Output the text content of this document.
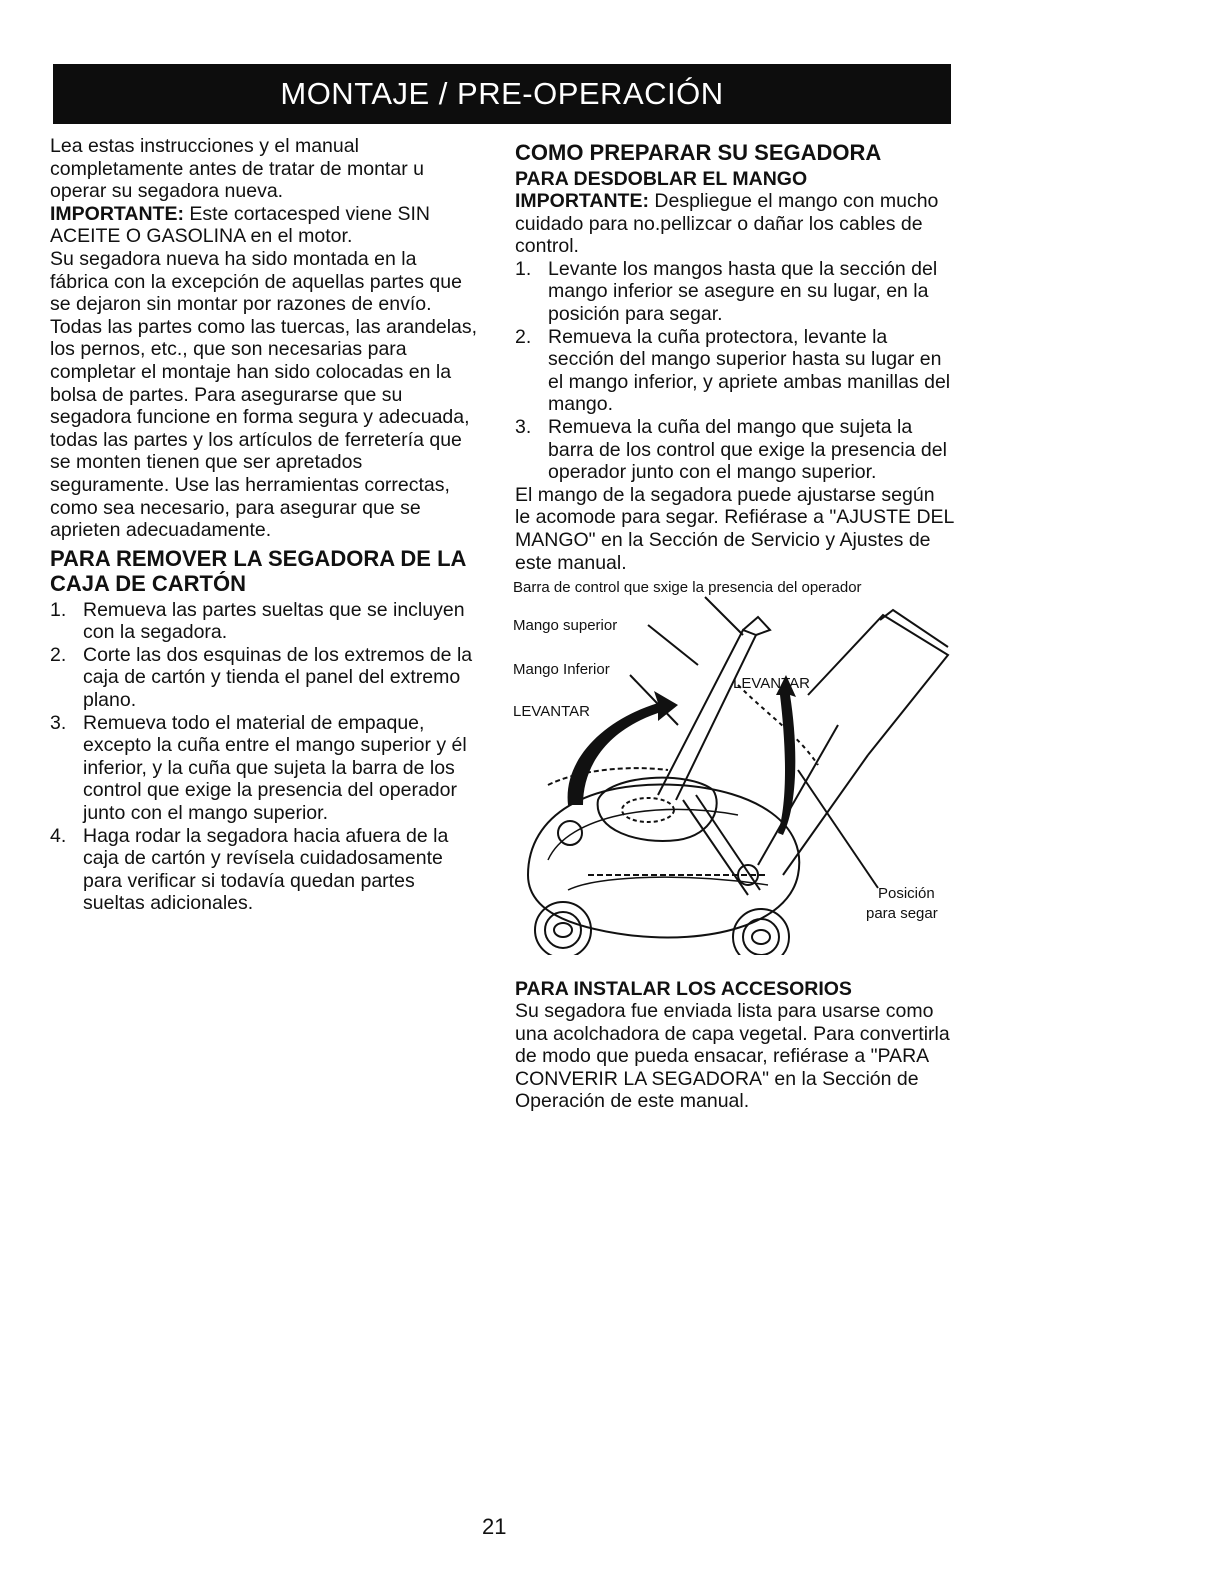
MONTAJE / PRE-OPERACIÓN

Lea estas instrucciones y el manual completamente antes de tratar de montar u operar su segadora nueva.

IMPORTANTE: Este cortacesped viene SIN ACEITE O GASOLINA en el motor.

Su segadora nueva ha sido montada en la fábrica con la excepción de aquellas partes que se dejaron sin montar por razones de envío. Todas las partes como las tuercas, las arandelas, los pernos, etc., que son necesarias para completar el montaje han sido colocadas en la bolsa de partes. Para asegurarse que su segadora funcione en forma segura y adecuada, todas las partes y los artículos de ferretería que se monten tienen que ser apretados seguramente. Use las herramientas correctas, como sea necesario, para asegurar que se aprieten adecuadamente.

PARA REMOVER LA SEGADORA DE LA CAJA DE CARTÓN

1. Remueva las partes sueltas que se incluyen con la segadora.
2. Corte las dos esquinas de los extremos de la caja de cartón y tienda el panel del extremo plano.
3. Remueva todo el material de empaque, excepto la cuña entre el mango superior y él inferior, y la cuña que sujeta la barra de los control que exige la presencia del operador junto con el mango superior.
4. Haga rodar la segadora hacia afuera de la caja de cartón y revísela cuidadosamente para verificar si todavía quedan partes sueltas adicionales.

COMO PREPARAR SU SEGADORA

PARA DESDOBLAR EL MANGO

IMPORTANTE: Despliegue el mango con mucho cuidado para no.pellizcar o dañar los cables de control.

1. Levante los mangos hasta que la sección del mango inferior se asegure en su lugar, en la posición para segar.
2. Remueva la cuña protectora, levante la sección del mango superior hasta su lugar en el mango inferior, y apriete ambas manillas del mango.
3. Remueva la cuña del mango que sujeta la barra de los control que exige la presencia del operador junto con el mango superior.

El mango de la segadora puede ajustarse según le acomode para segar. Refiérase a "AJUSTE DEL MANGO" en la Sección de Servicio y Ajustes de este manual.

Barra de control que sxige la presencia del operador
Mango superior
Mango Inferior
LEVANTAR
LEVANTAR
Posición
para segar

PARA INSTALAR LOS ACCESORIOS

Su segadora fue enviada lista para usarse como una acolchadora de capa vegetal. Para convertirla de modo que pueda ensacar, refiérase a "PARA CONVERIR LA SEGADORA" en la Sección de Operación de este manual.

21
